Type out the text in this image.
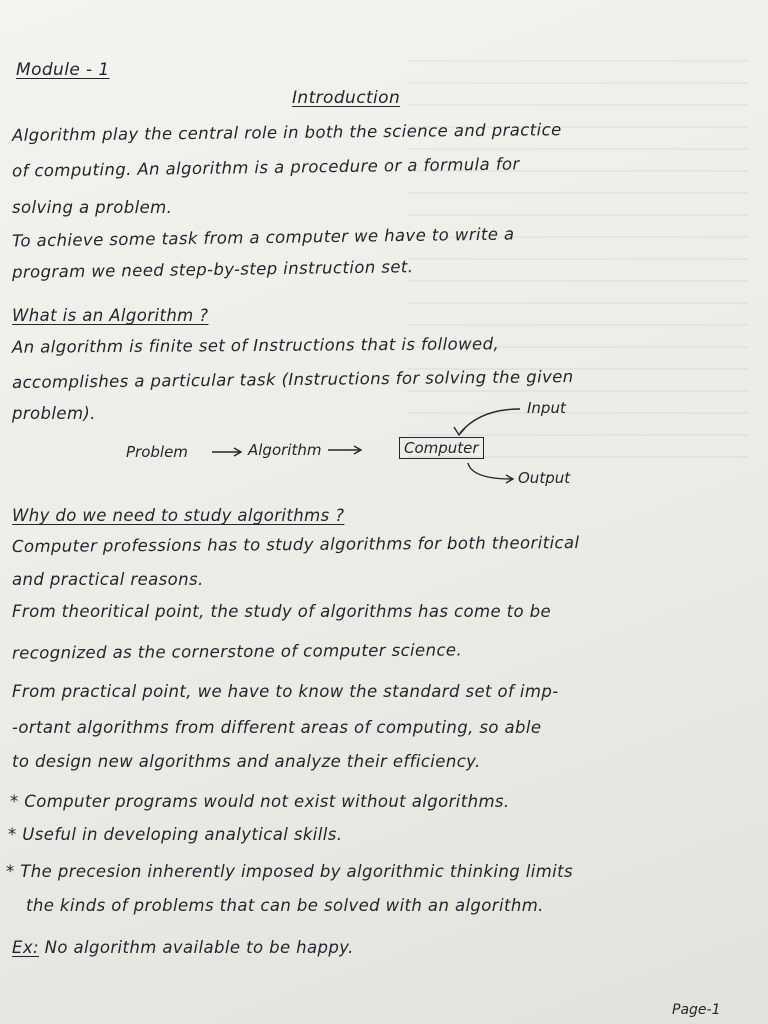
Module - 1
Introduction
Algorithm play the central role in both the science and practice
of computing. An algorithm is a procedure or a formula for
solving a problem.
To achieve some task from a computer we have to write a
program we need step-by-step instruction set.
What is an Algorithm ?
An algorithm is finite set of Instructions that is followed,
accomplishes a particular task (Instructions for solving the given
problem).
Problem	Algorithm	Computer
Input
Output
Why do we need to study algorithms ?
Computer professions has to study algorithms for both theoritical
and practical reasons.
From theoritical point, the study of algorithms has come to be
recognized as the cornerstone of computer science.
From practical point, we have to know the standard set of imp-
-ortant algorithms from different areas of computing, so able
to design new algorithms and analyze their efficiency.
* Computer programs would not exist without algorithms.
* Useful in developing analytical skills.
* The precesion inherently imposed by algorithmic thinking limits
the kinds of problems that can be solved with an algorithm.
Ex: No algorithm available to be happy.
Page-1
